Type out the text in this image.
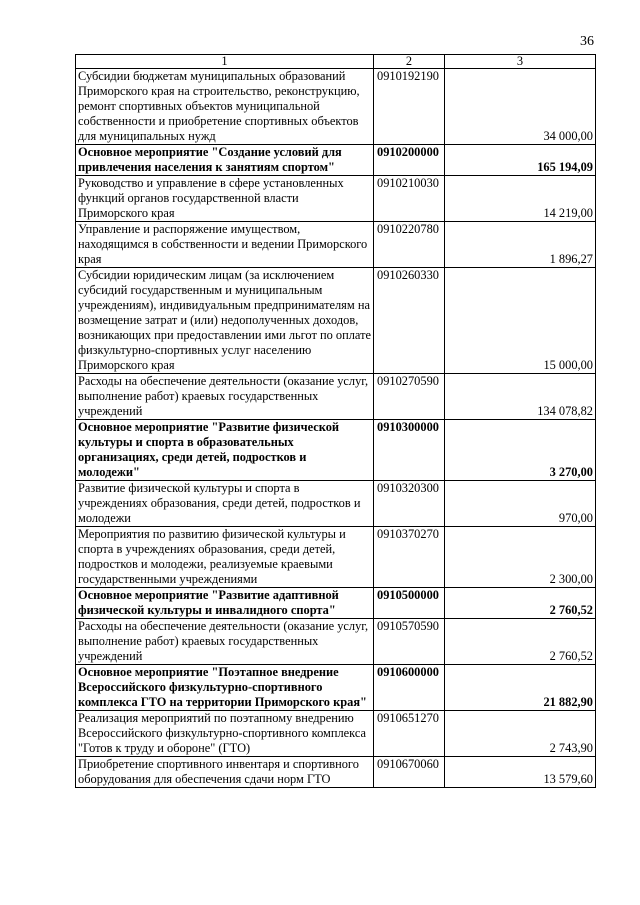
36
1	2	3
Субсидии бюджетам муниципальных образований Приморского края на строительство, реконструкцию, ремонт спортивных объектов муниципальной собственности и приобретение спортивных объектов для муниципальных нужд	0910192190	34 000,00
Основное мероприятие "Создание условий для привлечения населения к занятиям спортом"	0910200000	165 194,09
Руководство и управление в сфере установленных функций органов государственной власти Приморского края	0910210030	14 219,00
Управление и распоряжение имуществом, находящимся в собственности и ведении Приморского края	0910220780	1 896,27
Субсидии юридическим лицам (за исключением субсидий государственным и муниципальным учреждениям), индивидуальным предпринимателям на возмещение затрат и (или) недополученных доходов, возникающих при предоставлении ими льгот по оплате физкультурно-спортивных услуг населению Приморского края	0910260330	15 000,00
Расходы на обеспечение деятельности (оказание услуг, выполнение работ) краевых государственных учреждений	0910270590	134 078,82
Основное мероприятие "Развитие физической культуры и спорта в образовательных организациях, среди детей, подростков и молодежи"	0910300000	3 270,00
Развитие физической культуры и спорта в учреждениях образования, среди детей, подростков и молодежи	0910320300	970,00
Мероприятия по развитию физической культуры и спорта в учреждениях образования, среди детей, подростков и молодежи, реализуемые краевыми государственными учреждениями	0910370270	2 300,00
Основное мероприятие "Развитие адаптивной физической культуры и инвалидного спорта"	0910500000	2 760,52
Расходы на обеспечение деятельности (оказание услуг, выполнение работ) краевых государственных учреждений	0910570590	2 760,52
Основное мероприятие "Поэтапное внедрение Всероссийского физкультурно-спортивного комплекса ГТО на территории Приморского края"	0910600000	21 882,90
Реализация мероприятий по поэтапному внедрению Всероссийского физкультурно-спортивного комплекса "Готов к труду и обороне" (ГТО)	0910651270	2 743,90
Приобретение спортивного инвентаря и спортивного оборудования для обеспечения сдачи норм ГТО	0910670060	13 579,60
